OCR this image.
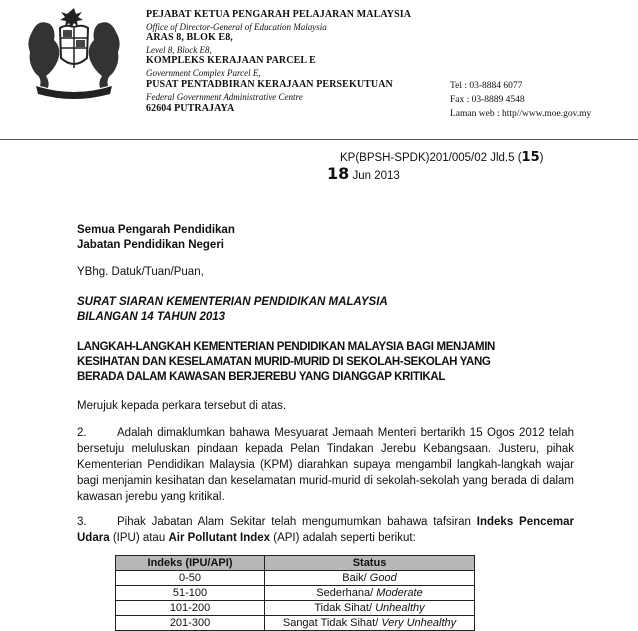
PEJABAT KETUA PENGARAH PELAJARAN MALAYSIA
Office of Director-General of Education Malaysia
ARAS 8, BLOK E8,
Level 8, Block E8,
KOMPLEKS KERAJAAN PARCEL E
Government Complex Parcel E,
PUSAT PENTADBIRAN KERAJAAN PERSEKUTUAN
Federal Government Administrative Centre
62604 PUTRAJAYA
Tel : 03-8884 6077
Fax : 03-8889 4548
Laman web : http//www.moe.gov.my
KP(BPSH-SPDK)201/005/02 Jld.5 (15)
18 Jun 2013
Semua Pengarah Pendidikan
Jabatan Pendidikan Negeri
YBhg. Datuk/Tuan/Puan,
SURAT SIARAN KEMENTERIAN PENDIDIKAN MALAYSIA
BILANGAN 14 TAHUN 2013
LANGKAH-LANGKAH KEMENTERIAN PENDIDIKAN MALAYSIA BAGI MENJAMIN
KESIHATAN DAN KESELAMATAN MURID-MURID DI SEKOLAH-SEKOLAH YANG
BERADA DALAM KAWASAN BERJEREBU YANG DIANGGAP KRITIKAL
Merujuk kepada perkara tersebut di atas.
2.	Adalah dimaklumkan bahawa Mesyuarat Jemaah Menteri bertarikh 15 Ogos 2012 telah bersetuju meluluskan pindaan kepada Pelan Tindakan Jerebu Kebangsaan. Justeru, pihak Kementerian Pendidikan Malaysia (KPM) diarahkan supaya mengambil langkah-langkah wajar bagi menjamin kesihatan dan keselamatan murid-murid di sekolah-sekolah yang berada di dalam kawasan jerebu yang kritikal.
3.	Pihak Jabatan Alam Sekitar telah mengumumkan bahawa tafsiran Indeks Pencemar Udara (IPU) atau Air Pollutant Index (API) adalah seperti berikut:
Indeks (IPU/API)	Status
0-50	Baik/ Good
51-100	Sederhana/ Moderate
101-200	Tidak Sihat/ Unhealthy
201-300	Sangat Tidak Sihat/ Very Unhealthy
